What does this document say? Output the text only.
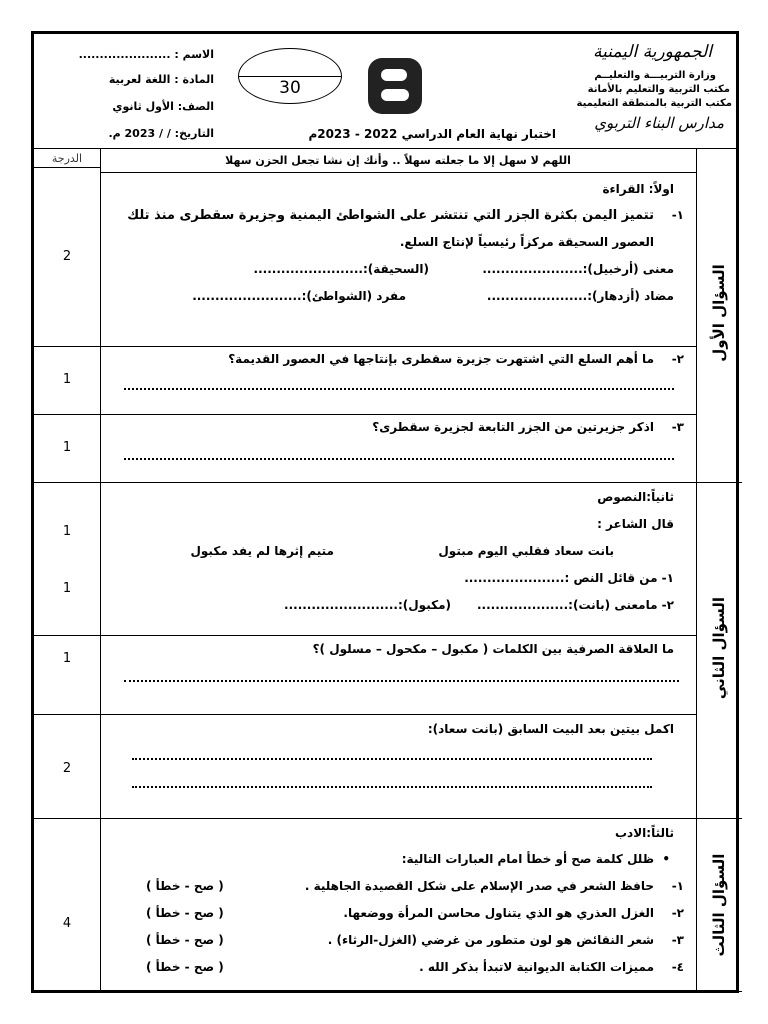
الجمهورية اليمنية
وزارة التربيـــة والتعليــم
مكتب التربية والتعليم بالأمانة
مكتب التربية بالمنطقة التعليمية
مدارس البناء التربوي
اختبار نهاية العام الدراسي 2022 - 2023م
30
الاسم : ......................
المادة : اللغة لعربية
الصف: الأول ثانوي
التاريخ: / / 2023 م.
الدرجة	اللهم لا سهل إلا ما جعلته سهلاً .. وأنك إن نشا تجعل الحزن سهلا
السؤال الأول
السؤال الثاني
السؤال الثالث
اولاً: القراءة
١-
تتميز اليمن بكثرة الجزر التي تنتشر على الشواطئ اليمنية وجزيرة سقطرى منذ تلك
العصور السحيقة مركزاً رئيسياً لإنتاج السلع.
معنى (أرخبيل):......................
(السحيقة):........................
مضاد (أزدهار):......................
مفرد (الشواطئ):........................
2
٢-
ما أهم السلع التي اشتهرت جزيرة سقطرى بإنتاجها في العصور القديمة؟
1
٣-
اذكر جزيرتين من الجزر التابعة لجزيرة سقطرى؟
1
ثانياً:النصوص
قال الشاعر :
بانت سعاد فقلبي اليوم مبتول
متيم إثرها لم يفد مكبول
١- من قائل النص :......................
٢- مامعنى (بانت):....................
(مكبول):.........................
1
1
ما العلاقة الصرفية بين الكلمات ( مكبول – مكحول – مسلول )؟
1
اكمل بيتين بعد البيت السابق (بانت سعاد):
2
ثالثاً:الادب
•
ظلل كلمة صح أو خطأ امام العبارات التالية:
١-
حافظ الشعر في صدر الإسلام على شكل القصيدة الجاهلية .
( صح - خطأ )
٢-
الغزل العذري هو الذي يتناول محاسن المرأة ووضعها.
( صح - خطأ )
٣-
شعر النقائض هو لون متطور من غرضي (الغزل-الرثاء) .
( صح - خطأ )
٤-
مميزات الكتابة الديوانية لاتبدأ بذكر الله .
( صح - خطأ )
4
